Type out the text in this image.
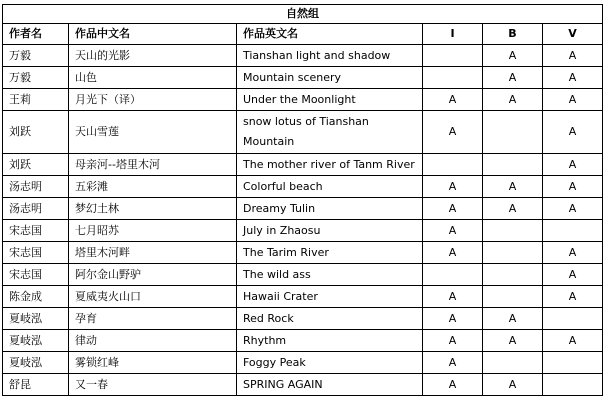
自然组					
作者名	作品中文名	作品英文名	I	B	V
万毅	天山的光影	Tianshan light and shadow		A	A
万毅	山色	Mountain scenery		A	A
王莉	月光下（译）	Under the Moonlight	A	A	A
刘跃	天山雪莲	snow lotus of Tianshan Mountain	A		A
刘跃	母亲河--塔里木河	The mother river of Tanm River			A
汤志明	五彩滩	Colorful beach	A	A	A
汤志明	梦幻土林	Dreamy Tulin	A	A	A
宋志国	七月昭苏	July in Zhaosu	A		
宋志国	塔里木河畔	The Tarim River	A		A
宋志国	阿尔金山野驴	The wild ass			A
陈金成	夏威夷火山口	Hawaii Crater	A		A
夏岐泓	孕育	Red Rock	A	A	
夏岐泓	律动	Rhythm	A	A	A
夏岐泓	雾锁红峰	Foggy Peak	A		
舒昆	又一春	SPRING AGAIN	A	A	
